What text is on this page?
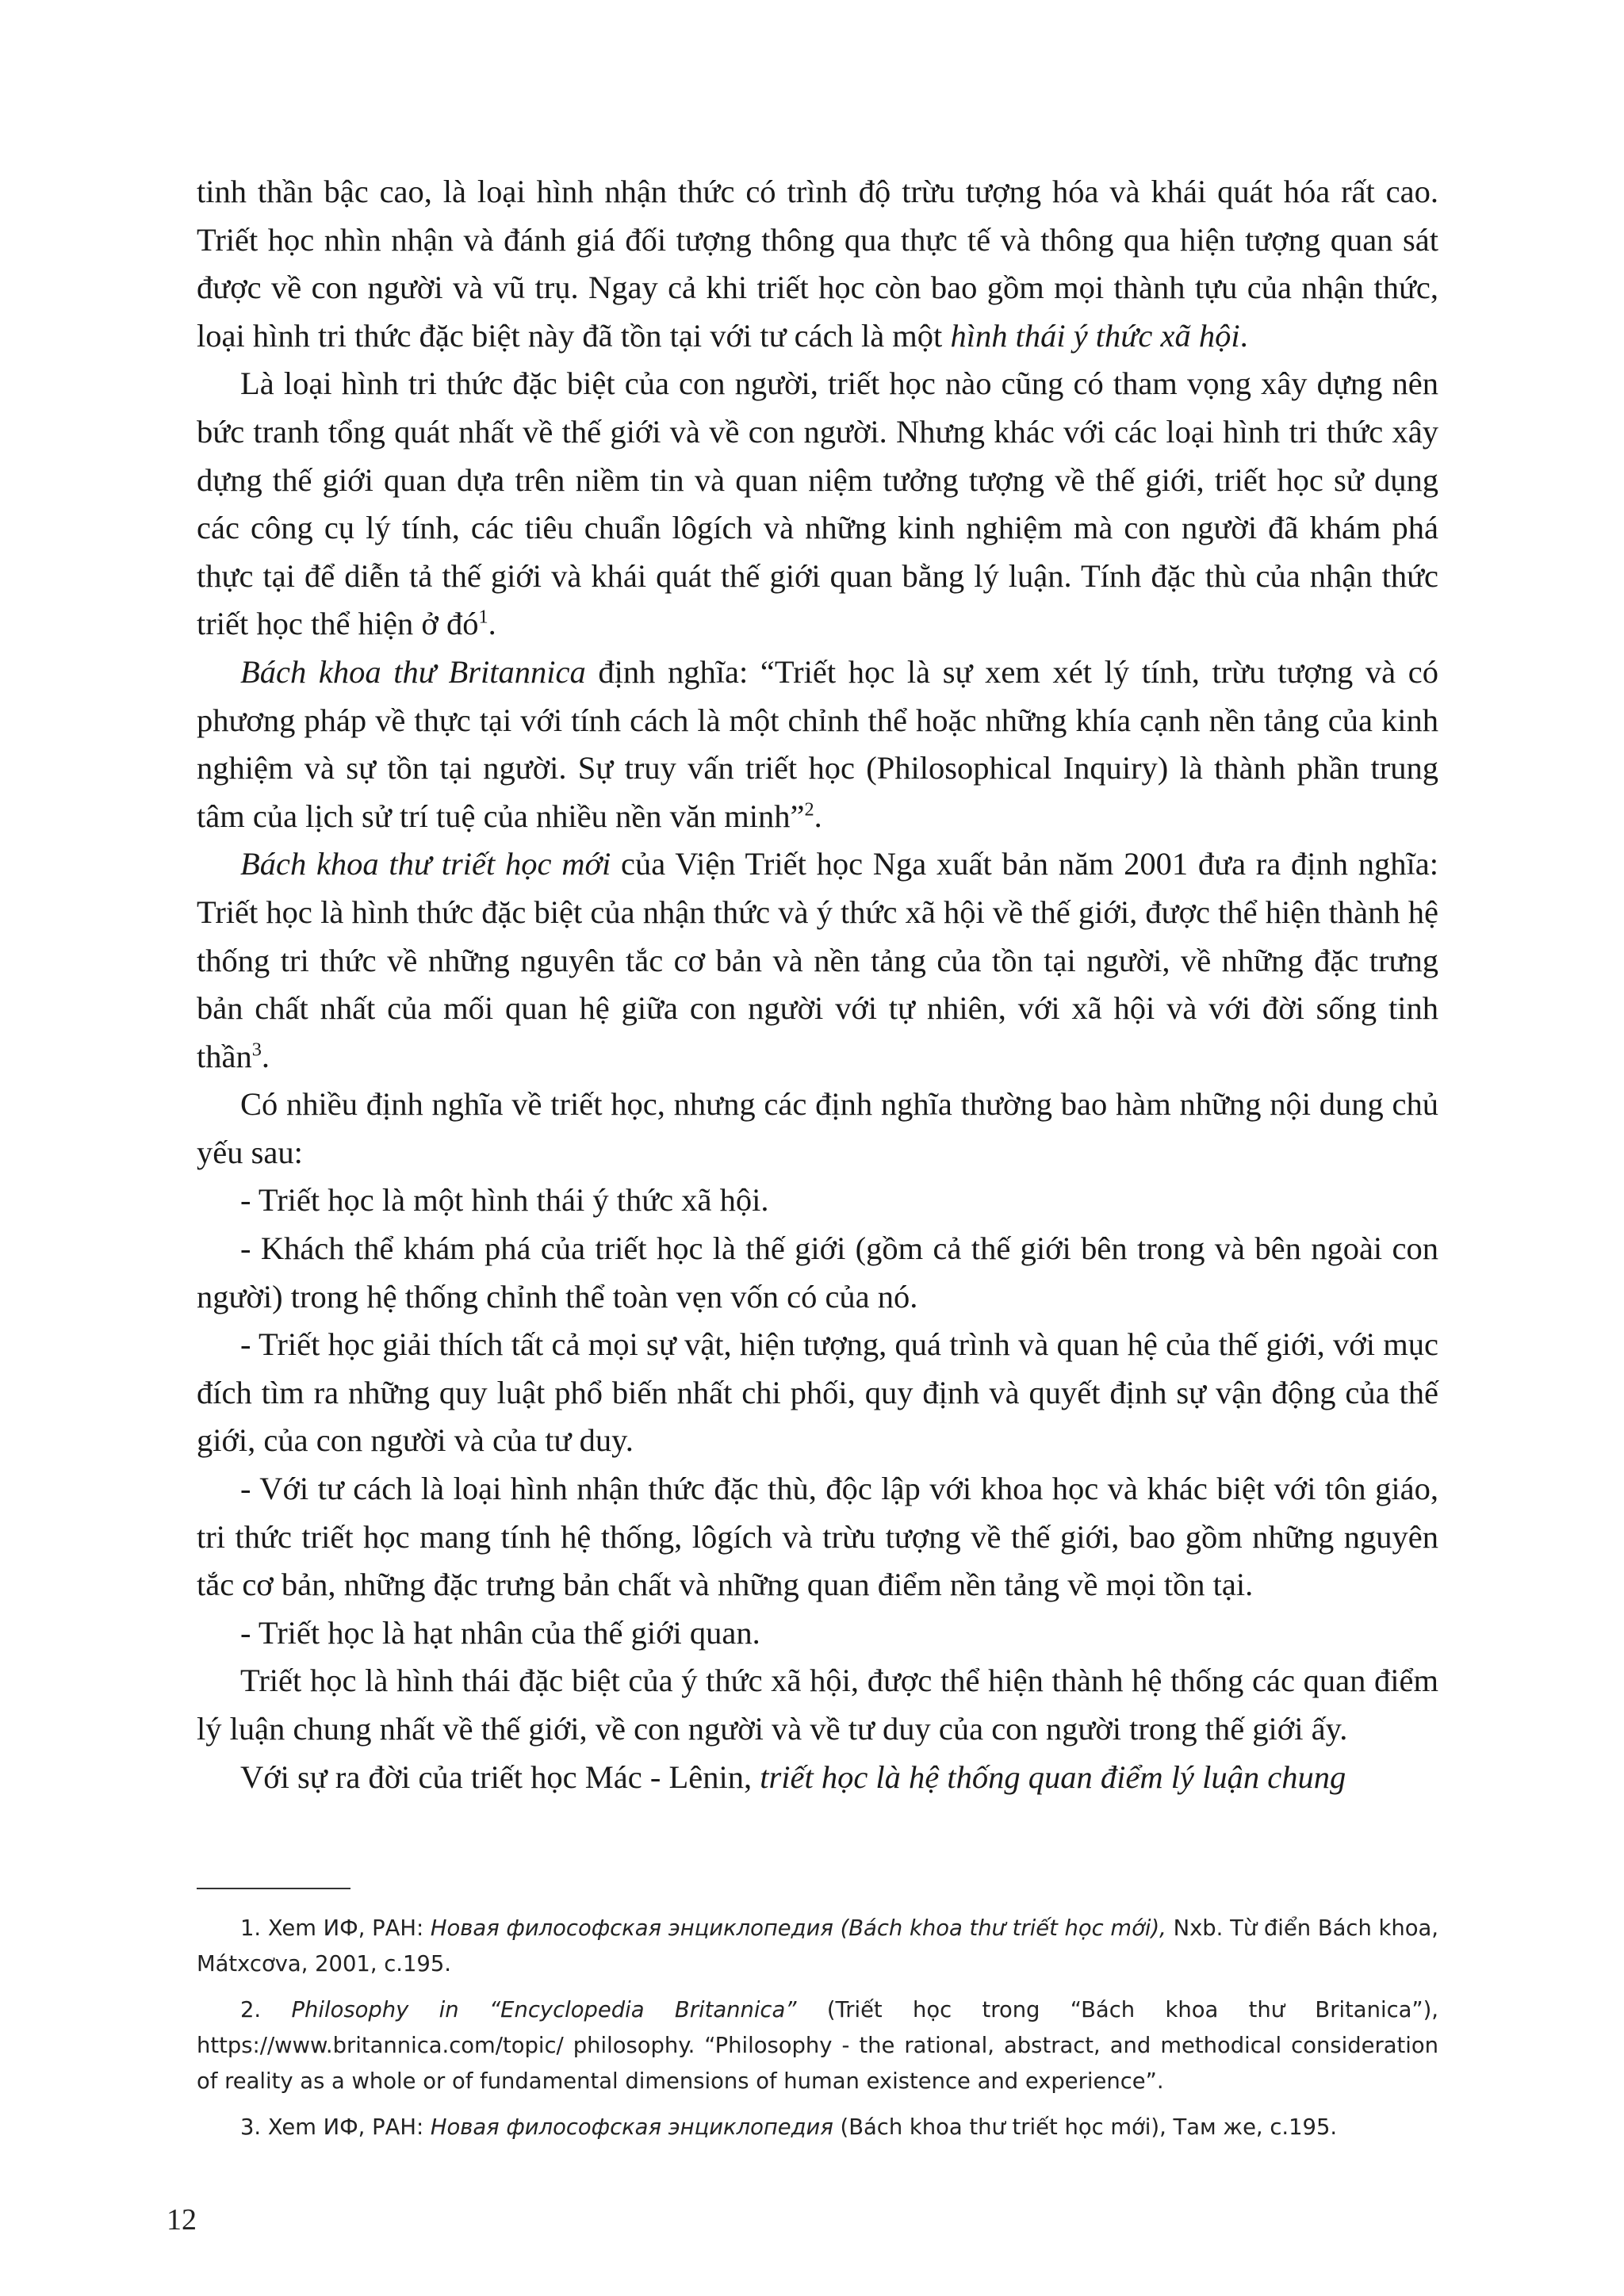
tinh thần bậc cao, là loại hình nhận thức có trình độ trừu tượng hóa và khái quát hóa rất cao. Triết học nhìn nhận và đánh giá đối tượng thông qua thực tế và thông qua hiện tượng quan sát được về con người và vũ trụ. Ngay cả khi triết học còn bao gồm mọi thành tựu của nhận thức, loại hình tri thức đặc biệt này đã tồn tại với tư cách là một hình thái ý thức xã hội.

Là loại hình tri thức đặc biệt của con người, triết học nào cũng có tham vọng xây dựng nên bức tranh tổng quát nhất về thế giới và về con người. Nhưng khác với các loại hình tri thức xây dựng thế giới quan dựa trên niềm tin và quan niệm tưởng tượng về thế giới, triết học sử dụng các công cụ lý tính, các tiêu chuẩn lôgích và những kinh nghiệm mà con người đã khám phá thực tại để diễn tả thế giới và khái quát thế giới quan bằng lý luận. Tính đặc thù của nhận thức triết học thể hiện ở $đó^1$.

Bách khoa thư Britannica định nghĩa: “Triết học là sự xem xét lý tính, trừu tượng và có phương pháp về thực tại với tính cách là một chỉnh thể hoặc những khía cạnh nền tảng của kinh nghiệm và sự tồn tại người. Sự truy vấn triết học (Philosophical Inquiry) là thành phần trung tâm của lịch sử trí tuệ của nhiều nền văn minh”$^2$.

Bách khoa thư triết học mới của Viện Triết học Nga xuất bản năm 2001 đưa ra định nghĩa: Triết học là hình thức đặc biệt của nhận thức và ý thức xã hội về thế giới, được thể hiện thành hệ thống tri thức về những nguyên tắc cơ bản và nền tảng của tồn tại người, về những đặc trưng bản chất nhất của mối quan hệ giữa con người với tự nhiên, với xã hội và với đời sống tinh thần$^3$.

Có nhiều định nghĩa về triết học, nhưng các định nghĩa thường bao hàm những nội dung chủ yếu sau:

- Triết học là một hình thái ý thức xã hội.

- Khách thể khám phá của triết học là thế giới (gồm cả thế giới bên trong và bên ngoài con người) trong hệ thống chỉnh thể toàn vẹn vốn có của nó.

- Triết học giải thích tất cả mọi sự vật, hiện tượng, quá trình và quan hệ của thế giới, với mục đích tìm ra những quy luật phổ biến nhất chi phối, quy định và quyết định sự vận động của thế giới, của con người và của tư duy.

- Với tư cách là loại hình nhận thức đặc thù, độc lập với khoa học và khác biệt với tôn giáo, tri thức triết học mang tính hệ thống, lôgích và trừu tượng về thế giới, bao gồm những nguyên tắc cơ bản, những đặc trưng bản chất và những quan điểm nền tảng về mọi tồn tại.

- Triết học là hạt nhân của thế giới quan.

Triết học là hình thái đặc biệt của ý thức xã hội, được thể hiện thành hệ thống các quan điểm lý luận chung nhất về thế giới, về con người và về tư duy của con người trong thế giới ấy.

Với sự ra đời của triết học Mác - Lênin, triết học là hệ thống quan điểm lý luận chung

1. Xem ИФ, РАН: Новая философская энциклопедия (Bách khoa thư triết học mới), Nxb. Từ điển Bách khoa, Mátxcơva, 2001, c.195.

2. Philosophy in “Encyclopedia Britannica” (Triết học trong “Bách khoa thư Britanica”), https://www.britannica.com/topic/ philosophy. “Philosophy - the rational, abstract, and methodical consideration of reality as a whole or of fundamental dimensions of human existence and experience”.

3. Xem ИФ, РАН: Новая философская энциклопедия (Bách khoa thư triết học mới), Там же, c.195.

12
